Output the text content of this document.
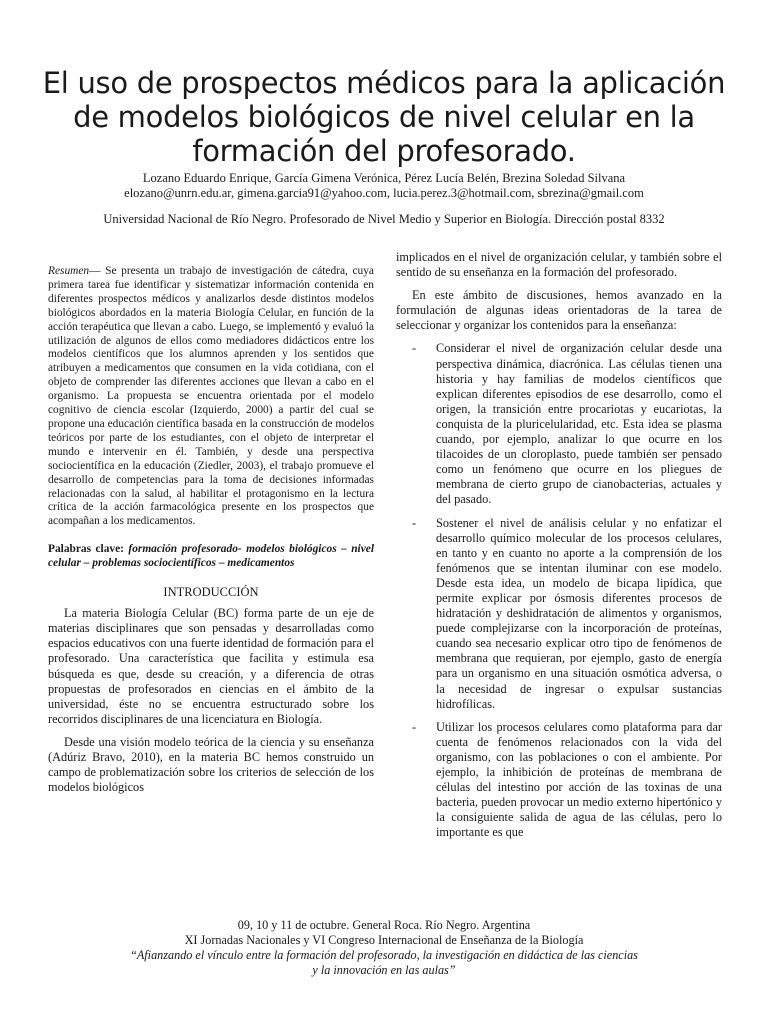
El uso de prospectos médicos para la aplicación de modelos biológicos de nivel celular en la formación del profesorado.
Lozano Eduardo Enrique, García Gimena Verónica, Pérez Lucía Belén, Brezina Soledad Silvana
elozano@unrn.edu.ar, gimena.garcia91@yahoo.com, lucia.perez.3@hotmail.com, sbrezina@gmail.com
Universidad Nacional de Río Negro. Profesorado de Nivel Medio y Superior en Biología. Dirección postal 8332

Resumen— Se presenta un trabajo de investigación de cátedra, cuya primera tarea fue identificar y sistematizar información contenida en diferentes prospectos médicos y analizarlos desde distintos modelos biológicos abordados en la materia Biología Celular, en función de la acción terapéutica que llevan a cabo. Luego, se implementó y evaluó la utilización de algunos de ellos como mediadores didácticos entre los modelos científicos que los alumnos aprenden y los sentidos que atribuyen a medicamentos que consumen en la vida cotidiana, con el objeto de comprender las diferentes acciones que llevan a cabo en el organismo. La propuesta se encuentra orientada por el modelo cognitivo de ciencia escolar (Izquierdo, 2000) a partir del cual se propone una educación científica basada en la construcción de modelos teóricos por parte de los estudiantes, con el objeto de interpretar el mundo e intervenir en él. También, y desde una perspectiva sociocientífica en la educación (Ziedler, 2003), el trabajo promueve el desarrollo de competencias para la toma de decisiones informadas relacionadas con la salud, al habilitar el protagonismo en la lectura crítica de la acción farmacológica presente en los prospectos que acompañan a los medicamentos.

Palabras clave: formación profesorado- modelos biológicos – nivel celular – problemas sociocientíficos – medicamentos

INTRODUCCIÓN

La materia Biología Celular (BC) forma parte de un eje de materias disciplinares que son pensadas y desarrolladas como espacios educativos con una fuerte identidad de formación para el profesorado. Una característica que facilita y estimula esa búsqueda es que, desde su creación, y a diferencia de otras propuestas de profesorados en ciencias en el ámbito de la universidad, éste no se encuentra estructurado sobre los recorridos disciplinares de una licenciatura en Biología.

Desde una visión modelo teórica de la ciencia y su enseñanza (Adúriz Bravo, 2010), en la materia BC hemos construido un campo de problematización sobre los criterios de selección de los modelos biológicos

implicados en el nivel de organización celular, y también sobre el sentido de su enseñanza en la formación del profesorado.

En este ámbito de discusiones, hemos avanzado en la formulación de algunas ideas orientadoras de la tarea de seleccionar y organizar los contenidos para la enseñanza:

- Considerar el nivel de organización celular desde una perspectiva dinámica, diacrónica. Las células tienen una historia y hay familias de modelos científicos que explican diferentes episodios de ese desarrollo, como el origen, la transición entre procariotas y eucariotas, la conquista de la pluricelularidad, etc. Esta idea se plasma cuando, por ejemplo, analizar lo que ocurre en los tilacoides de un cloroplasto, puede también ser pensado como un fenómeno que ocurre en los pliegues de membrana de cierto grupo de cianobacterias, actuales y del pasado.
- Sostener el nivel de análisis celular y no enfatizar el desarrollo químico molecular de los procesos celulares, en tanto y en cuanto no aporte a la comprensión de los fenómenos que se intentan iluminar con ese modelo. Desde esta idea, un modelo de bicapa lipídica, que permite explicar por ósmosis diferentes procesos de hidratación y deshidratación de alimentos y organismos, puede complejizarse con la incorporación de proteínas, cuando sea necesario explicar otro tipo de fenómenos de membrana que requieran, por ejemplo, gasto de energía para un organismo en una situación osmótica adversa, o la necesidad de ingresar o expulsar sustancias hidrofílicas.
- Utilizar los procesos celulares como plataforma para dar cuenta de fenómenos relacionados con la vida del organismo, con las poblaciones o con el ambiente. Por ejemplo, la inhibición de proteínas de membrana de células del intestino por acción de las toxinas de una bacteria, pueden provocar un medio externo hipertónico y la consiguiente salida de agua de las células, pero lo importante es que
09, 10 y 11 de octubre. General Roca. Río Negro. Argentina
XI Jornadas Nacionales y VI Congreso Internacional de Enseñanza de la Biología
“Afianzando el vínculo entre la formación del profesorado, la investigación en didáctica de las ciencias
y la innovación en las aulas”
